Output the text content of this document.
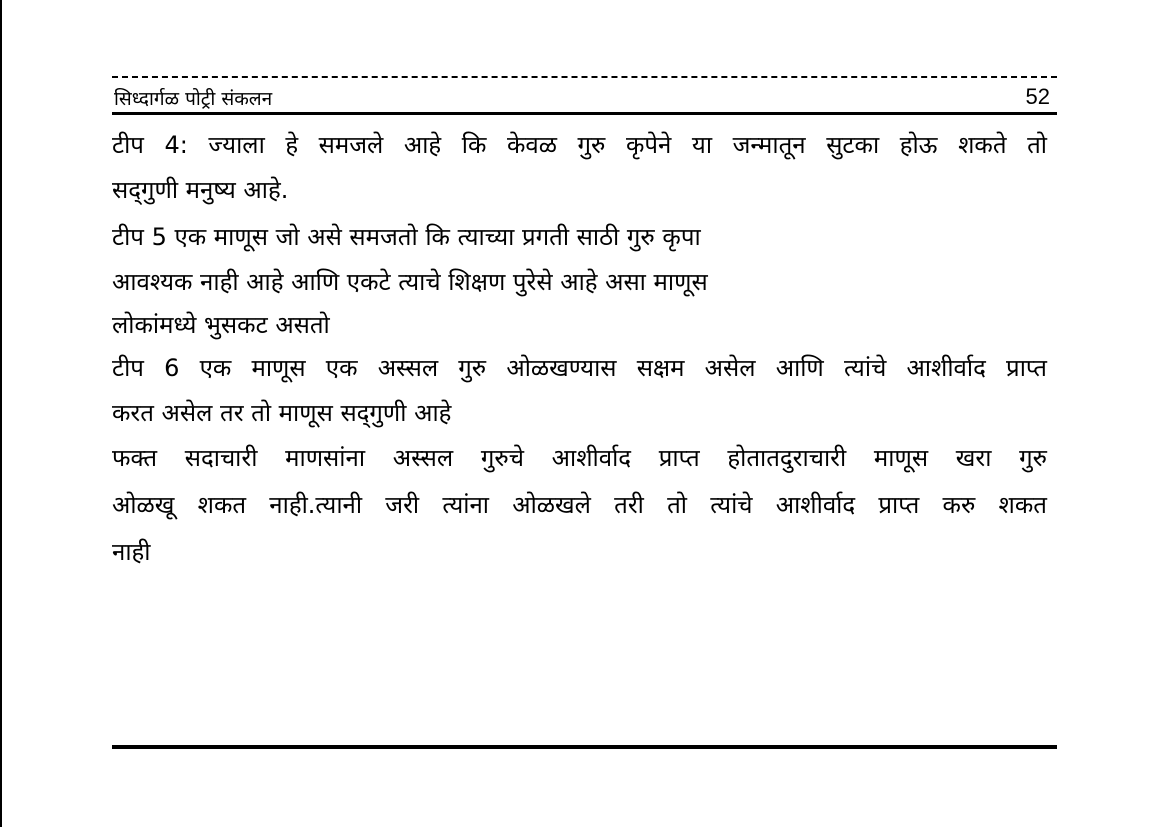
सिध्दार्गळ पोट्री संकलन	52
टीप 4: ज्याला हे समजले आहे कि केवळ गुरु कृपेने या जन्मातून सुटका होऊ शकते तो
सद्‌गुणी मनुष्य आहे.
टीप 5 एक माणूस जो असे समजतो कि त्याच्या प्रगती साठी गुरु कृपा
आवश्यक नाही आहे आणि एकटे त्याचे शिक्षण पुरेसे आहे असा माणूस
लोकांमध्ये भुसकट असतो
टीप 6 एक माणूस एक अस्सल गुरु ओळखण्यास सक्षम असेल आणि त्यांचे आशीर्वाद प्राप्त
करत असेल तर तो माणूस सद्‌गुणी आहे
फक्त सदाचारी माणसांना अस्सल गुरुचे आशीर्वाद प्राप्त होतातदुराचारी माणूस खरा गुरु
ओळखू शकत नाही.त्यानी जरी त्यांना ओळखले तरी तो त्यांचे आशीर्वाद प्राप्त करु शकत
नाही
